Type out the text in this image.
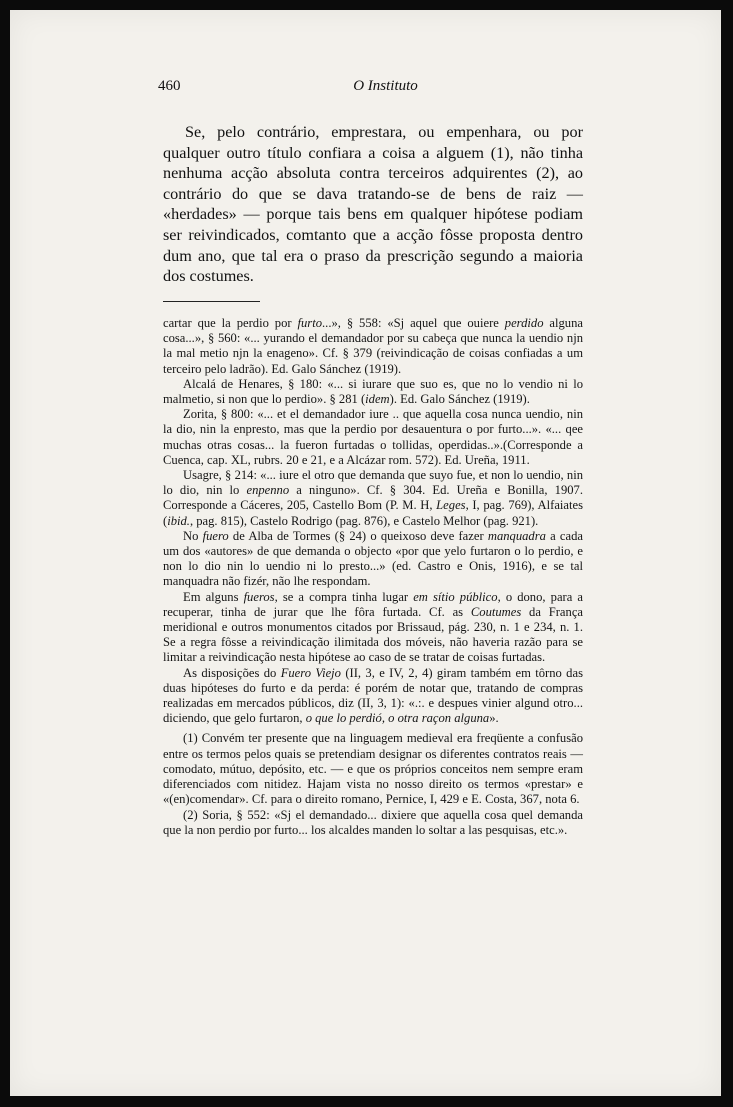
460	O Instituto

Se, pelo contrário, emprestara, ou empenhara, ou por qualquer outro título confiara a coisa a alguem (1), não tinha nenhuma acção absoluta contra terceiros adquirentes (2), ao contrário do que se dava tratando-se de bens de raiz — «herdades» — porque tais bens em qualquer hipótese podiam ser reivindicados, comtanto que a acção fôsse proposta dentro dum ano, que tal era o praso da prescrição segundo a maioria dos costumes.

cartar que la perdio por furto...», § 558: «Sj aquel que ouiere perdido alguna cosa...», § 560: «... yurando el demandador por su cabeça que nunca la uendio njn la mal metio njn la enageno». Cf. § 379 (reivindicação de coisas confiadas a um terceiro pelo ladrão). Ed. Galo Sánchez (1919).

Alcalá de Henares, § 180: «... si iurare que suo es, que no lo vendio ni lo malmetio, si non que lo perdio». § 281 (idem). Ed. Galo Sánchez (1919).

Zorita, § 800: «... et el demandador iure .. que aquella cosa nunca uendio, nin la dio, nin la enpresto, mas que la perdio por desauentura o por furto...». «... qee muchas otras cosas... la fueron furtadas o tollidas, operdidas..».(Corresponde a Cuenca, cap. XL, rubrs. 20 e 21, e a Alcázar rom. 572). Ed. Ureña, 1911.

Usagre, § 214: «... iure el otro que demanda que suyo fue, et non lo uendio, nin lo dio, nin lo enpenno a ninguno». Cf. § 304. Ed. Ureña e Bonilla, 1907. Corresponde a Cáceres, 205, Castello Bom (P. M. H, Leges, I, pag. 769), Alfaiates (ibid., pag. 815), Castelo Rodrigo (pag. 876), e Castelo Melhor (pag. 921).

No fuero de Alba de Tormes (§ 24) o queixoso deve fazer manquadra a cada um dos «autores» de que demanda o objecto «por que yelo furtaron o lo perdio, e non lo dio nin lo uendio ni lo presto...» (ed. Castro e Onis, 1916), e se tal manquadra não fizér, não lhe respondam.

Em alguns fueros, se a compra tinha lugar em sítio público, o dono, para a recuperar, tinha de jurar que lhe fôra furtada. Cf. as Coutumes da França meridional e outros monumentos citados por Brissaud, pág. 230, n. 1 e 234, n. 1. Se a regra fôsse a reivindicação ilimitada dos móveis, não haveria razão para se limitar a reivindicação nesta hipótese ao caso de se tratar de coisas furtadas.

As disposições do Fuero Viejo (II, 3, e IV, 2, 4) giram também em tôrno das duas hipóteses do furto e da perda: é porém de notar que, tratando de compras realizadas em mercados públicos, diz (II, 3, 1): «.:. e despues vinier algund otro... diciendo, que gelo furtaron, o que lo perdió, o otra raçon alguna».

(1) Convém ter presente que na linguagem medieval era freqüente a confusão entre os termos pelos quais se pretendiam designar os diferentes contratos reais — comodato, mútuo, depósito, etc. — e que os próprios conceitos nem sempre eram diferenciados com nitidez. Hajam vista no nosso direito os termos «prestar» e «(en)comendar». Cf. para o direito romano, Pernice, I, 429 e E. Costa, 367, nota 6.

(2) Soria, § 552: «Sj el demandado... dixiere que aquella cosa quel demanda que la non perdio por furto... los alcaldes manden lo soltar a las pesquisas, etc.».
